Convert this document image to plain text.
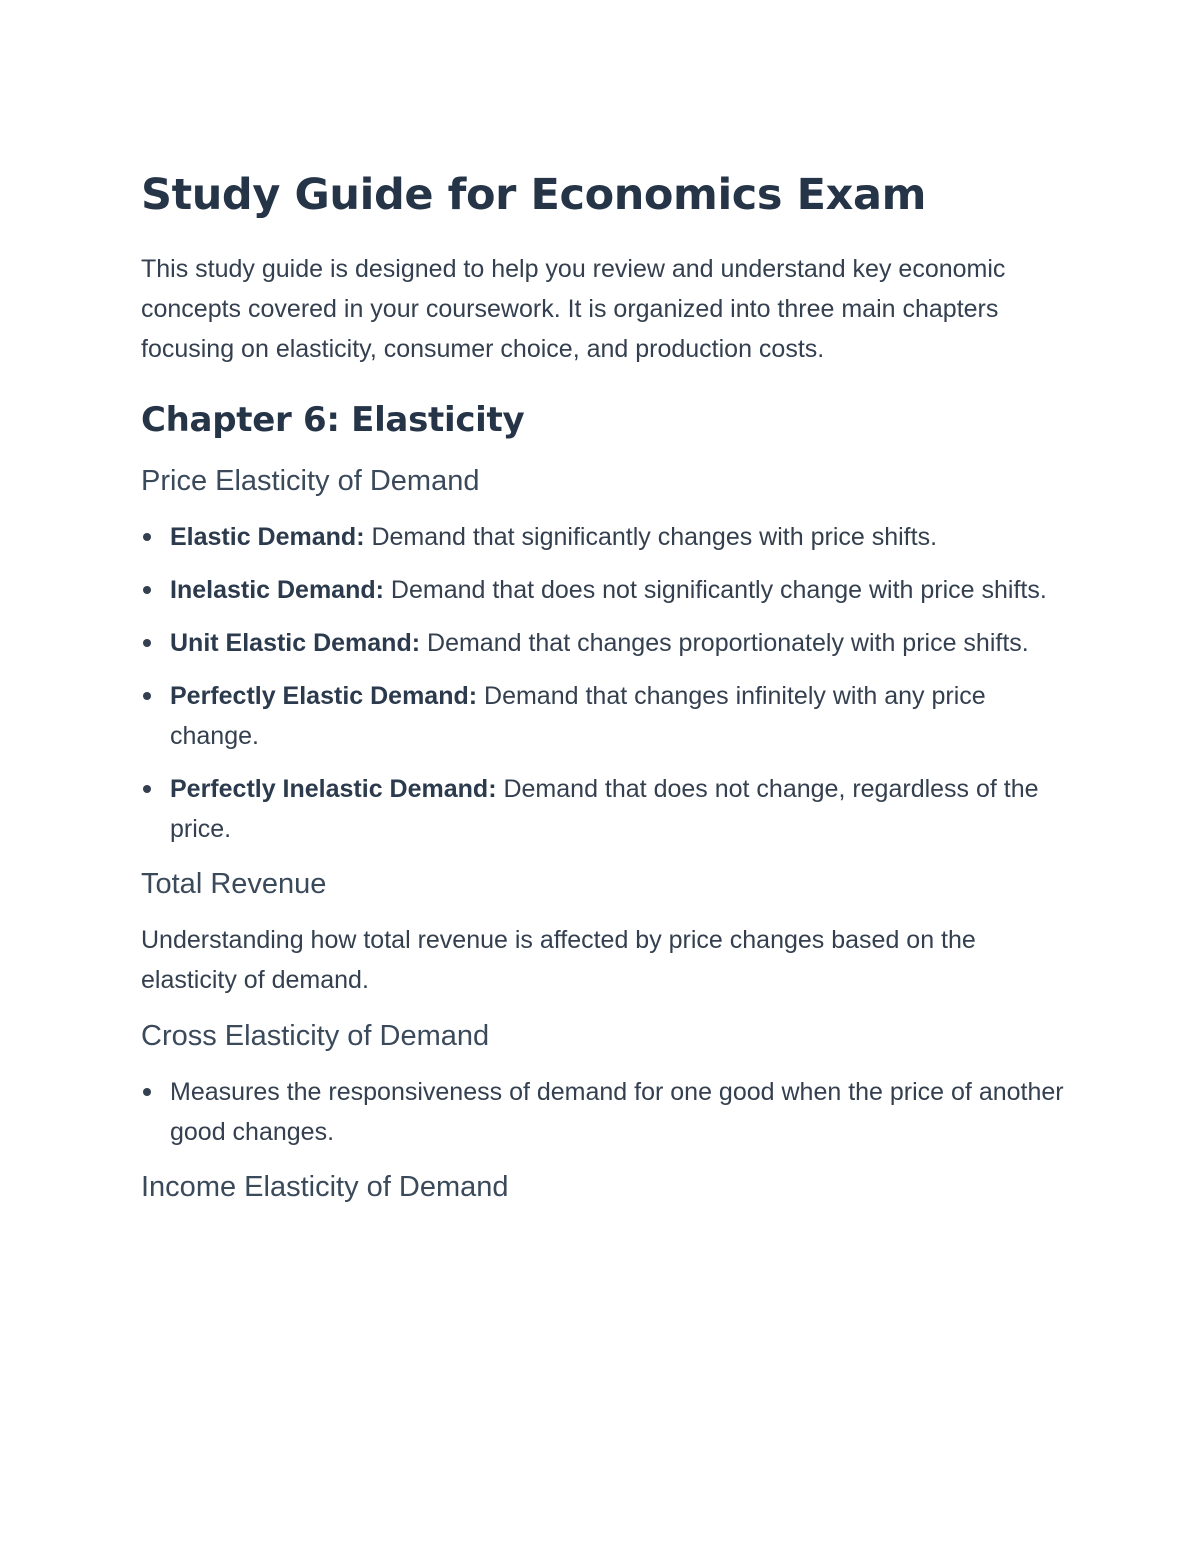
Study Guide for Economics Exam

This study guide is designed to help you review and understand key economic concepts covered in your coursework. It is organized into three main chapters focusing on elasticity, consumer choice, and production costs.

Chapter 6: Elasticity
Price Elasticity of Demand
Elastic Demand: Demand that significantly changes with price shifts.
Inelastic Demand: Demand that does not significantly change with price shifts.
Unit Elastic Demand: Demand that changes proportionately with price shifts.
Perfectly Elastic Demand: Demand that changes infinitely with any price change.
Perfectly Inelastic Demand: Demand that does not change, regardless of the price.
Total Revenue

Understanding how total revenue is affected by price changes based on the elasticity of demand.

Cross Elasticity of Demand
Measures the responsiveness of demand for one good when the price of another good changes.
Income Elasticity of Demand
